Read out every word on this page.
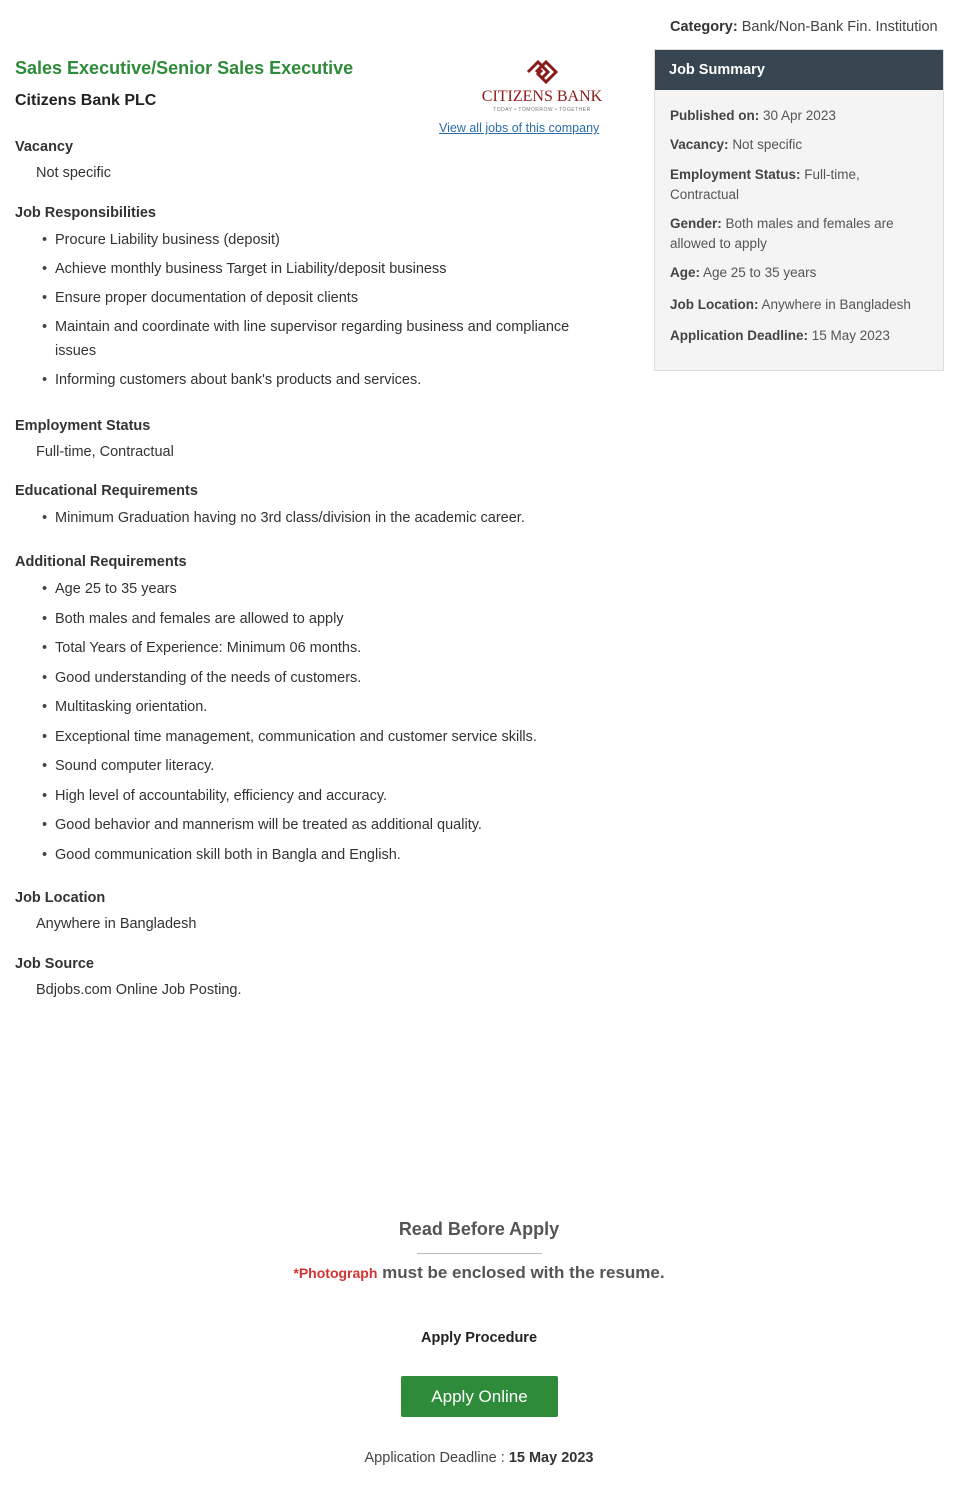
Category: Bank/Non-Bank Fin. Institution
Sales Executive/Senior Sales Executive
Citizens Bank PLC	CITIZENS BANK
TODAY • TOMORROW • TOGETHER
View all jobs of this company
Vacancy
Not specific
Job Responsibilities
• Procure Liability business (deposit)
• Achieve monthly business Target in Liability/deposit business
• Ensure proper documentation of deposit clients
• Maintain and coordinate with line supervisor regarding business and compliance issues
• Informing customers about bank's products and services.
Employment Status
Full-time, Contractual
Educational Requirements
• Minimum Graduation having no 3rd class/division in the academic career.
Additional Requirements
• Age 25 to 35 years
• Both males and females are allowed to apply
• Total Years of Experience: Minimum 06 months.
• Good understanding of the needs of customers.
• Multitasking orientation.
• Exceptional time management, communication and customer service skills.
• Sound computer literacy.
• High level of accountability, efficiency and accuracy.
• Good behavior and mannerism will be treated as additional quality.
• Good communication skill both in Bangla and English.
Job Location
Anywhere in Bangladesh
Job Source
Bdjobs.com Online Job Posting.
Job Summary
Published on: 30 Apr 2023
Vacancy: Not specific
Employment Status: Full-time, Contractual
Gender: Both males and females are allowed to apply
Age: Age 25 to 35 years
Job Location: Anywhere in Bangladesh
Application Deadline: 15 May 2023
Read Before Apply
*Photograph must be enclosed with the resume.
Apply Procedure
Apply Online
Application Deadline : 15 May 2023
